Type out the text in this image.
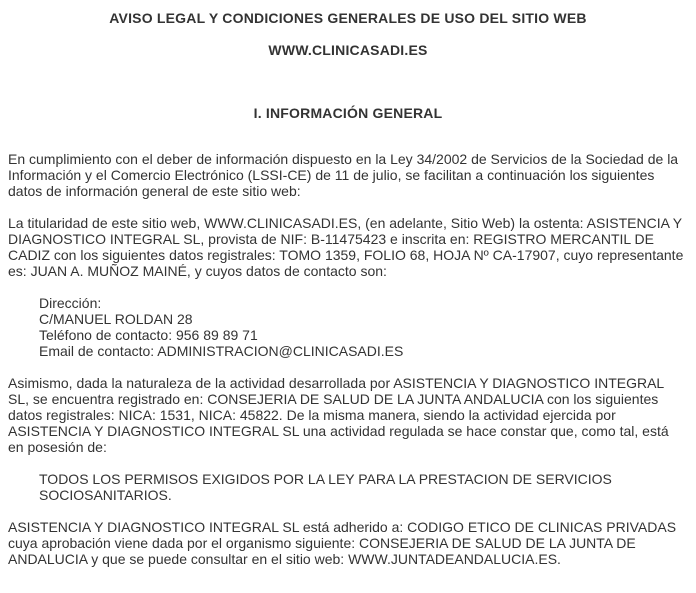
AVISO LEGAL Y CONDICIONES GENERALES DE USO DEL SITIO WEB
WWW.CLINICASADI.ES
I. INFORMACIÓN GENERAL

En cumplimiento con el deber de información dispuesto en la Ley 34/2002 de Servicios de la Sociedad de la Información y el Comercio Electrónico (LSSI-CE) de 11 de julio, se facilitan a continuación los siguientes datos de información general de este sitio web:

La titularidad de este sitio web, WWW.CLINICASADI.ES, (en adelante, Sitio Web) la ostenta: ASISTENCIA Y DIAGNOSTICO INTEGRAL SL, provista de NIF: B-11475423 e inscrita en: REGISTRO MERCANTIL DE CADIZ con los siguientes datos registrales: TOMO 1359, FOLIO 68, HOJA Nº CA-17907, cuyo representante es: JUAN A. MUÑOZ MAINÉ, y cuyos datos de contacto son:

Dirección:
C/MANUEL ROLDAN 28
Teléfono de contacto: 956 89 89 71
Email de contacto: ADMINISTRACION@CLINICASADI.ES

Asimismo, dada la naturaleza de la actividad desarrollada por ASISTENCIA Y DIAGNOSTICO INTEGRAL SL, se encuentra registrado en: CONSEJERIA DE SALUD DE LA JUNTA ANDALUCIA con los siguientes datos registrales: NICA: 1531, NICA: 45822. De la misma manera, siendo la actividad ejercida por ASISTENCIA Y DIAGNOSTICO INTEGRAL SL una actividad regulada se hace constar que, como tal, está en posesión de:

TODOS LOS PERMISOS EXIGIDOS POR LA LEY PARA LA PRESTACION DE SERVICIOS SOCIOSANITARIOS.

ASISTENCIA Y DIAGNOSTICO INTEGRAL SL está adherido a: CODIGO ETICO DE CLINICAS PRIVADAS cuya aprobación viene dada por el organismo siguiente: CONSEJERIA DE SALUD DE LA JUNTA DE ANDALUCIA y que se puede consultar en el sitio web: WWW.JUNTADEANDALUCIA.ES.
